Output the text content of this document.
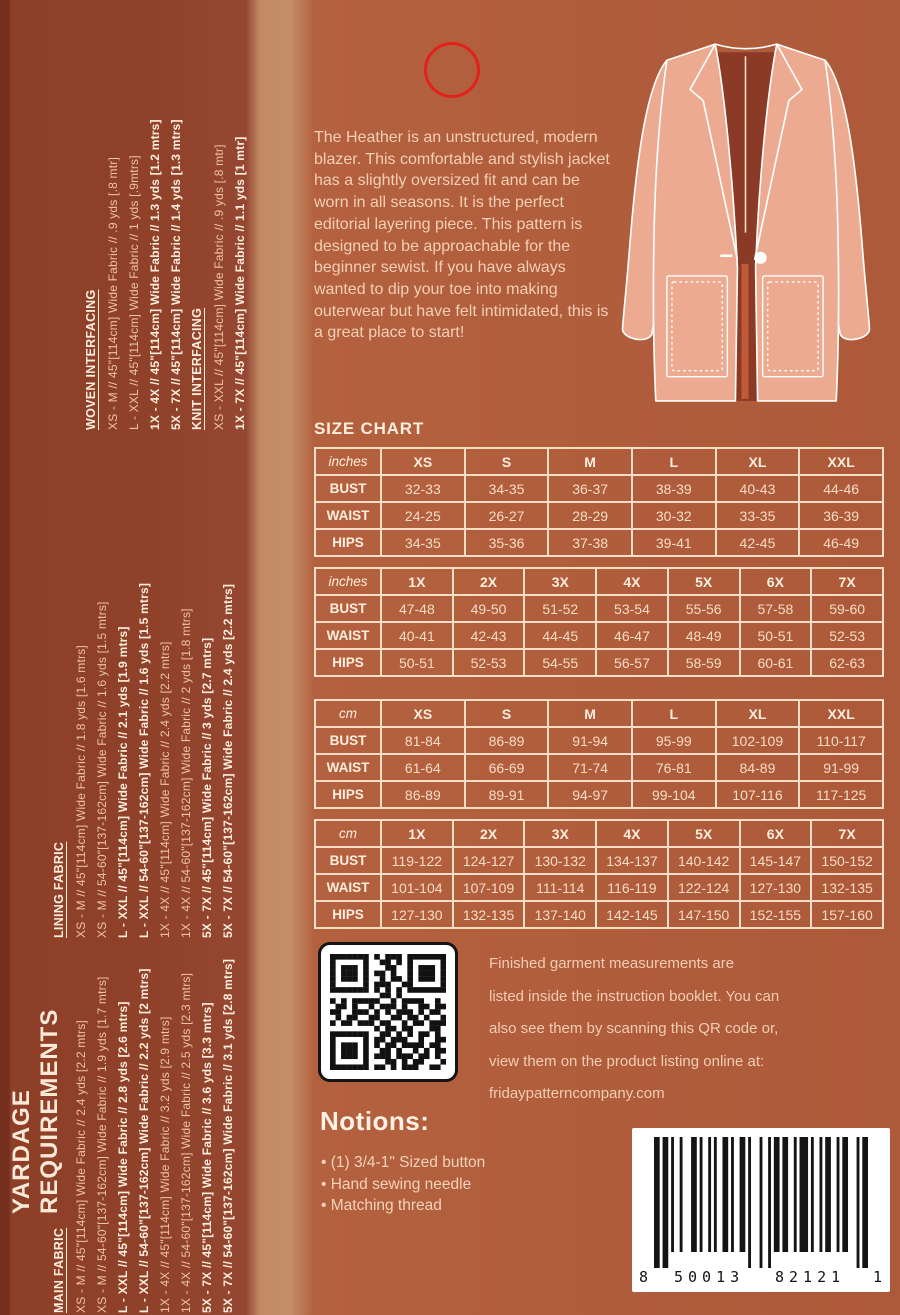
YARDAGE REQUIREMENTS
MAIN FABRIC XS - M // 45"[114cm] Wide Fabric // 2.4 yds [2.2 mtrs] XS - M // 54-60"[137-162cm] Wide Fabric // 1.9 yds [1.7 mtrs] L - XXL // 45"[114cm] Wide Fabric // 2.8 yds [2.6 mtrs] L - XXL // 54-60"[137-162cm] Wide Fabric // 2.2 yds [2 mtrs] 1X - 4X // 45"[114cm] Wide Fabric // 3.2 yds [2.9 mtrs] 1X - 4X // 54-60"[137-162cm] Wide Fabric // 2.5 yds [2.3 mtrs] 5X - 7X // 45"[114cm] Wide Fabric // 3.6 yds [3.3 mtrs] 5X - 7X // 54-60"[137-162cm] Wide Fabric // 3.1 yds [2.8 mtrs]
LINING FABRIC XS - M // 45"[114cm] Wide Fabric // 1.8 yds [1.6 mtrs] XS - M // 54-60"[137-162cm] Wide Fabric // 1.6 yds [1.5 mtrs] L - XXL // 45"[114cm] Wide Fabric // 2.1 yds [1.9 mtrs] L - XXL // 54-60"[137-162cm] Wide Fabric // 1.6 yds [1.5 mtrs] 1X - 4X // 45"[114cm] Wide Fabric // 2.4 yds [2.2 mtrs] 1X - 4X // 54-60"[137-162cm] Wide Fabric // 2 yds [1.8 mtrs] 5X - 7X // 45"[114cm] Wide Fabric // 3 yds [2.7 mtrs] 5X - 7X // 54-60"[137-162cm] Wide Fabric // 2.4 yds [2.2 mtrs]
WOVEN INTERFACING XS - M // 45"[114cm] Wide Fabric // .9 yds [.8 mtr] L - XXL // 45"[114cm] Wide Fabric // 1 yds [.9mtrs] 1X - 4X // 45"[114cm] Wide Fabric // 1.3 yds [1.2 mtrs] 5X - 7X // 45"[114cm] Wide Fabric // 1.4 yds [1.3 mtrs] KNIT INTERFACING XS - XXL // 45"[114cm] Wide Fabric // .9 yds [.8 mtr] 1X - 7X // 45"[114cm] Wide Fabric // 1.1 yds [1 mtr]	The Heather is an unstructured, modern blazer. This comfortable and stylish jacket has a slightly oversized fit and can be worn in all seasons. It is the perfect editorial layering piece. This pattern is designed to be approachable for the beginner sewist. If you have always wanted to dip your toe into making outerwear but have felt intimidated, this is a great place to start!
SIZE CHART
inches	XS	S	M	L	XL	XXL
BUST	32-33	34-35	36-37	38-39	40-43	44-46
WAIST	24-25	26-27	28-29	30-32	33-35	36-39
HIPS	34-35	35-36	37-38	39-41	42-45	46-49
inches	1X	2X	3X	4X	5X	6X	7X
BUST	47-48	49-50	51-52	53-54	55-56	57-58	59-60
WAIST	40-41	42-43	44-45	46-47	48-49	50-51	52-53
HIPS	50-51	52-53	54-55	56-57	58-59	60-61	62-63
cm	XS	S	M	L	XL	XXL
BUST	81-84	86-89	91-94	95-99	102-109	110-117
WAIST	61-64	66-69	71-74	76-81	84-89	91-99
HIPS	86-89	89-91	94-97	99-104	107-116	117-125
cm	1X	2X	3X	4X	5X	6X	7X
BUST	119-122	124-127	130-132	134-137	140-142	145-147	150-152
WAIST	101-104	107-109	111-114	116-119	122-124	127-130	132-135
HIPS	127-130	132-135	137-140	142-145	147-150	152-155	157-160
Finished garment measurements are
listed inside the instruction booklet. You can
also see them by scanning this QR code or,
view them on the product listing online at:
fridaypatterncompany.com
Notions:
• (1) 3/4-1" Sized button
• Hand sewing needle
• Matching thread
8 50013 82121 1
